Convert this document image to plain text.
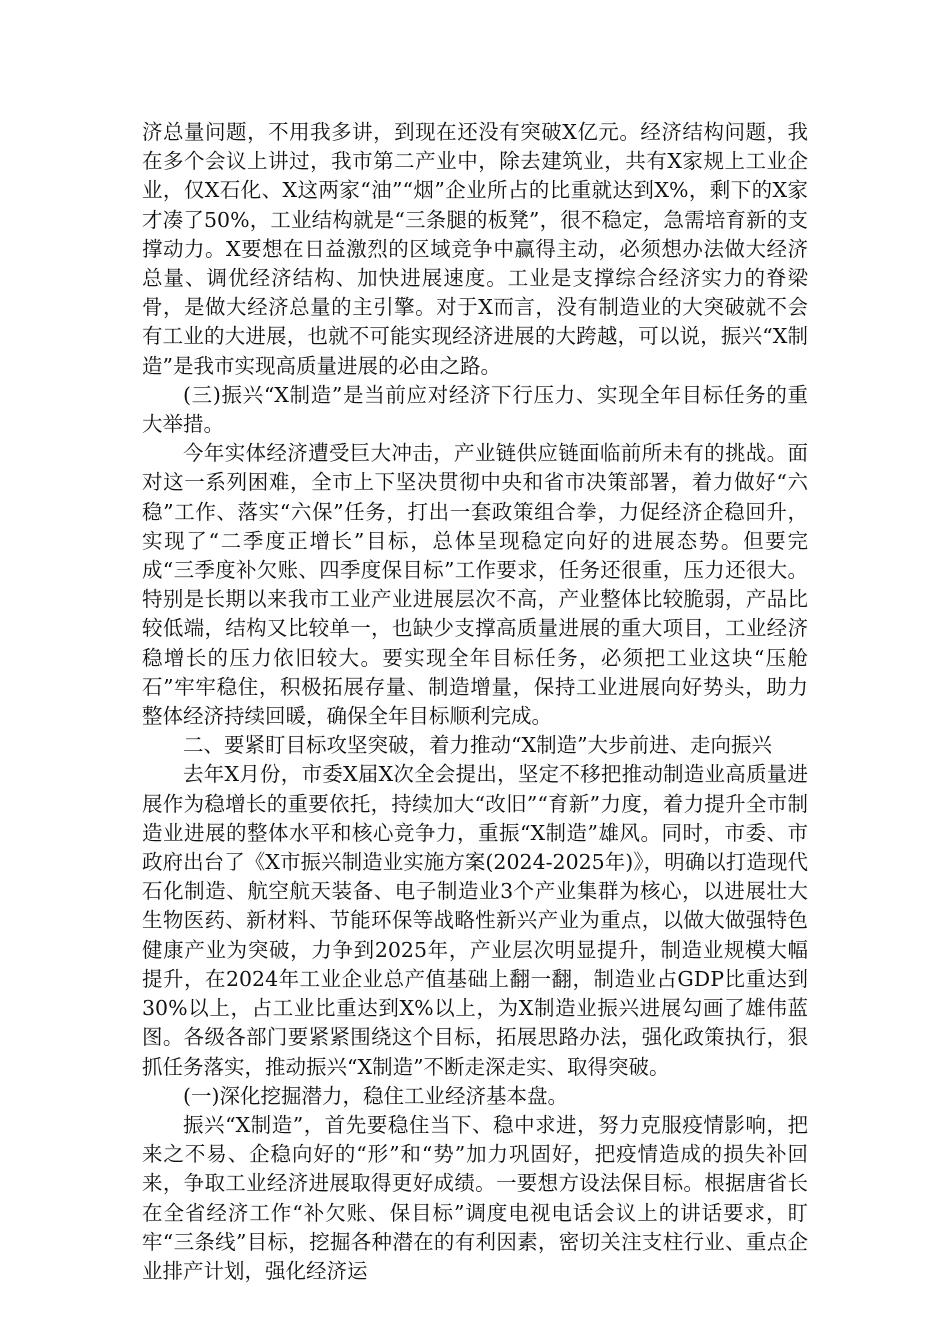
济总量问题，不用我多讲，到现在还没有突破X亿元。经济结构问题，我在多个会议上讲过，我市第二产业中，除去建筑业，共有X家规上工业企业，仅X石化、X这两家“油”“烟”企业所占的比重就达到X%，剩下的X家才凑了50%，工业结构就是“三条腿的板凳”，很不稳定，急需培育新的支撑动力。X要想在日益激烈的区域竞争中赢得主动，必须想办法做大经济总量、调优经济结构、加快进展速度。工业是支撑综合经济实力的脊梁骨，是做大经济总量的主引擎。对于X而言，没有制造业的大突破就不会有工业的大进展，也就不可能实现经济进展的大跨越，可以说，振兴“X制造”是我市实现高质量进展的必由之路。

(三)振兴“X制造”是当前应对经济下行压力、实现全年目标任务的重大举措。

今年实体经济遭受巨大冲击，产业链供应链面临前所未有的挑战。面对这一系列困难，全市上下坚决贯彻中央和省市决策部署，着力做好“六稳”工作、落实“六保”任务，打出一套政策组合拳，力促经济企稳回升，实现了“二季度正增长”目标，总体呈现稳定向好的进展态势。但要完成“三季度补欠账、四季度保目标”工作要求，任务还很重，压力还很大。特别是长期以来我市工业产业进展层次不高，产业整体比较脆弱，产品比较低端，结构又比较单一，也缺少支撑高质量进展的重大项目，工业经济稳增长的压力依旧较大。要实现全年目标任务，必须把工业这块“压舱石”牢牢稳住，积极拓展存量、制造增量，保持工业进展向好势头，助力整体经济持续回暖，确保全年目标顺利完成。

二、要紧盯目标攻坚突破，着力推动“X制造”大步前进、走向振兴

去年X月份，市委X届X次全会提出，坚定不移把推动制造业高质量进展作为稳增长的重要依托，持续加大“改旧”“育新”力度，着力提升全市制造业进展的整体水平和核心竞争力，重振“X制造”雄风。同时，市委、市政府出台了《X市振兴制造业实施方案(2024-2025年)》，明确以打造现代石化制造、航空航天装备、电子制造业3个产业集群为核心，以进展壮大生物医药、新材料、节能环保等战略性新兴产业为重点，以做大做强特色健康产业为突破，力争到2025年，产业层次明显提升，制造业规模大幅提升，在2024年工业企业总产值基础上翻一翻，制造业占GDP比重达到30%以上，占工业比重达到X%以上，为X制造业振兴进展勾画了雄伟蓝图。各级各部门要紧紧围绕这个目标，拓展思路办法，强化政策执行，狠抓任务落实，推动振兴“X制造”不断走深走实、取得突破。

(一)深化挖掘潜力，稳住工业经济基本盘。

振兴“X制造”，首先要稳住当下、稳中求进，努力克服疫情影响，把来之不易、企稳向好的“形”和“势”加力巩固好，把疫情造成的损失补回来，争取工业经济进展取得更好成绩。一要想方设法保目标。根据唐省长在全省经济工作“补欠账、保目标”调度电视电话会议上的讲话要求，盯牢“三条线”目标，挖掘各种潜在的有利因素，密切关注支柱行业、重点企业排产计划，强化经济运
